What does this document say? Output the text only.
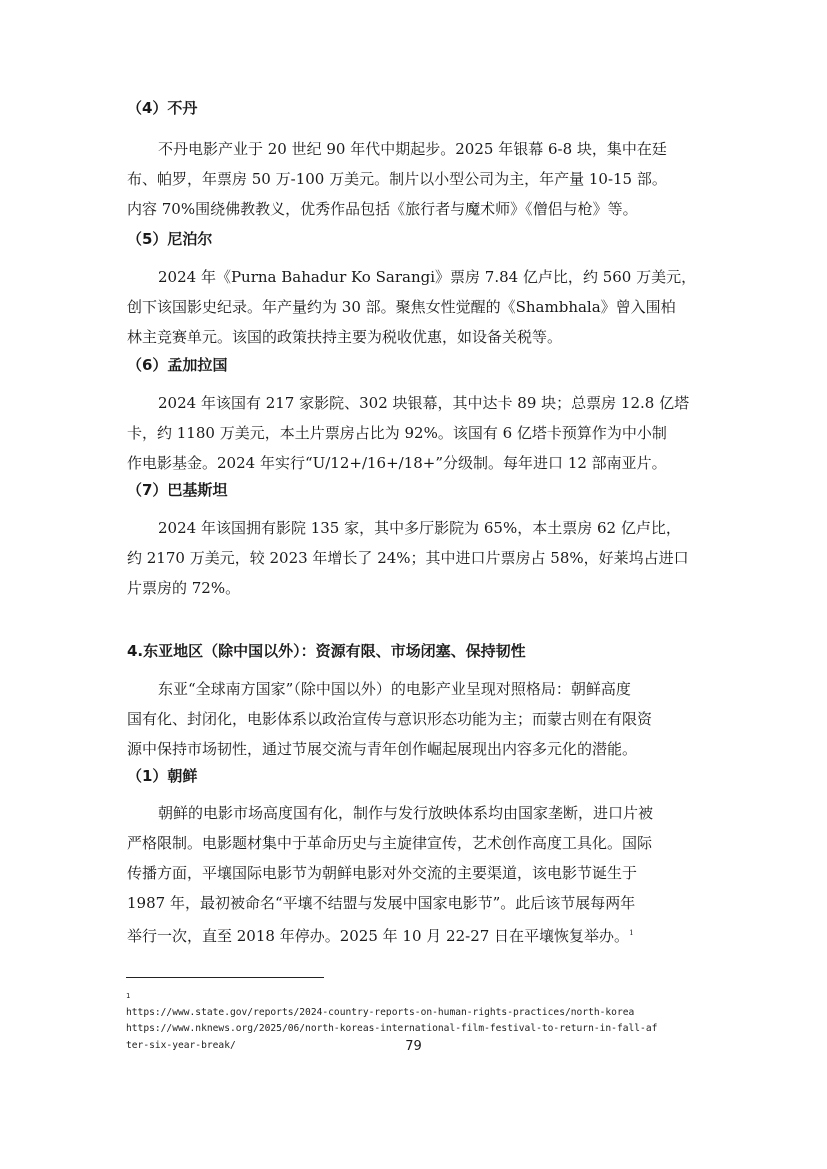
（4）不丹
不丹电影产业于 20 世纪 90 年代中期起步。2025 年银幕 6-8 块，集中在廷
布、帕罗，年票房 50 万-100 万美元。制片以小型公司为主，年产量 10-15 部。
内容 70%围绕佛教教义，优秀作品包括《旅行者与魔术师》《僧侣与枪》等。
（5）尼泊尔
2024 年《Purna Bahadur Ko Sarangi》票房 7.84 亿卢比，约 560 万美元，
创下该国影史纪录。年产量约为 30 部。聚焦女性觉醒的《Shambhala》曾入围柏
林主竞赛单元。该国的政策扶持主要为税收优惠，如设备关税等。
（6）孟加拉国
2024 年该国有 217 家影院、302 块银幕，其中达卡 89 块；总票房 12.8 亿塔
卡，约 1180 万美元，本土片票房占比为 92%。该国有 6 亿塔卡预算作为中小制
作电影基金。2024 年实行“U/12+/16+/18+”分级制。每年进口 12 部南亚片。
（7）巴基斯坦
2024 年该国拥有影院 135 家，其中多厅影院为 65%，本土票房 62 亿卢比，
约 2170 万美元，较 2023 年增长了 24%；其中进口片票房占 58%，好莱坞占进口
片票房的 72%。
4.东亚地区（除中国以外）：资源有限、市场闭塞、保持韧性
东亚“全球南方国家”（除中国以外）的电影产业呈现对照格局：朝鲜高度
国有化、封闭化，电影体系以政治宣传与意识形态功能为主；而蒙古则在有限资
源中保持市场韧性，通过节展交流与青年创作崛起展现出内容多元化的潜能。
（1）朝鲜
朝鲜的电影市场高度国有化，制作与发行放映体系均由国家垄断，进口片被
严格限制。电影题材集中于革命历史与主旋律宣传，艺术创作高度工具化。国际
传播方面，平壤国际电影节为朝鲜电影对外交流的主要渠道，该电影节诞生于
1987 年，最初被命名“平壤不结盟与发展中国家电影节”。此后该节展每两年
举行一次，直至 2018 年停办。2025 年 10 月 22-27 日在平壤恢复举办。$^1$
1
https://www.state.gov/reports/2024-country-reports-on-human-rights-practices/north-korea
https://www.nknews.org/2025/06/north-koreas-international-film-festival-to-return-in-fall-af
ter-six-year-break/	79
